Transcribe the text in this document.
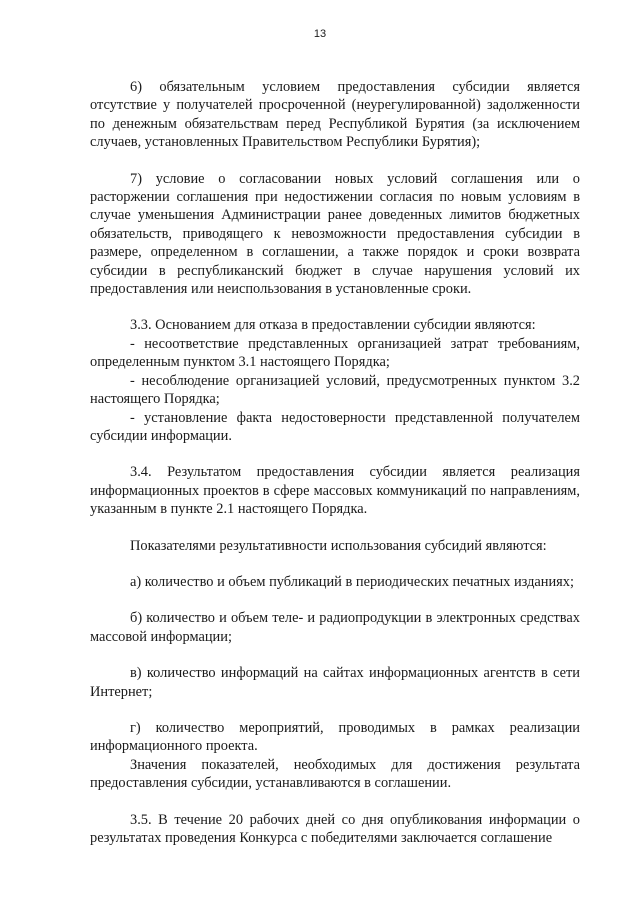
13

6) обязательным условием предоставления субсидии является отсутствие у получателей просроченной (неурегулированной) задолженности по денежным обязательствам перед Республикой Бурятия (за исключением случаев, установленных Правительством Республики Бурятия);

7) условие о согласовании новых условий соглашения или о расторжении соглашения при недостижении согласия по новым условиям в случае уменьшения Администрации ранее доведенных лимитов бюджетных обязательств, приводящего к невозможности предоставления субсидии в размере, определенном в соглашении, а также порядок и сроки возврата субсидии в республиканский бюджет в случае нарушения условий их предоставления или неиспользования в установленные сроки.

3.3. Основанием для отказа в предоставлении субсидии являются:

- несоответствие представленных организацией затрат требованиям, определенным пунктом 3.1 настоящего Порядка;

- несоблюдение организацией условий, предусмотренных пунктом 3.2 настоящего Порядка;

- установление факта недостоверности представленной получателем субсидии информации.

3.4. Результатом предоставления субсидии является реализация информационных проектов в сфере массовых коммуникаций по направлениям, указанным в пункте 2.1 настоящего Порядка.

Показателями результативности использования субсидий являются:

а) количество и объем публикаций в периодических печатных изданиях;

б) количество и объем теле- и радиопродукции в электронных средствах массовой информации;

в) количество информаций на сайтах информационных агентств в сети Интернет;

г) количество мероприятий, проводимых в рамках реализации информационного проекта.

Значения показателей, необходимых для достижения результата предоставления субсидии, устанавливаются в соглашении.

3.5. В течение 20 рабочих дней со дня опубликования информации о результатах проведения Конкурса с победителями заключается соглашение
